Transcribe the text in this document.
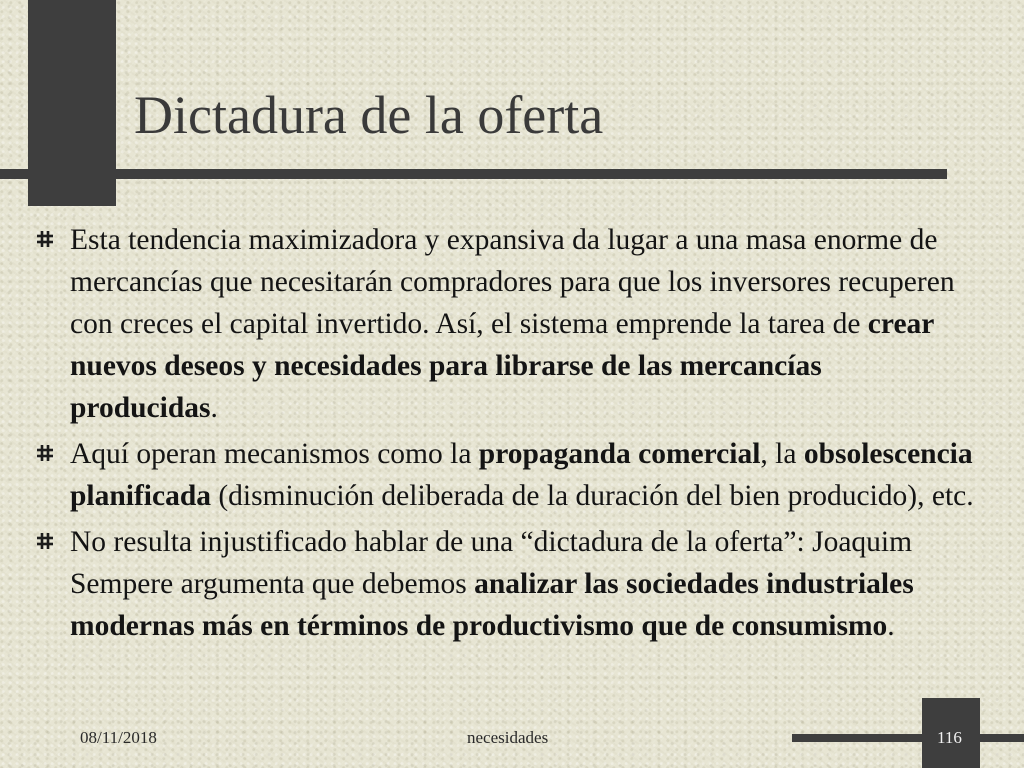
Dictadura de la oferta
Esta tendencia maximizadora y expansiva da lugar a una masa enorme de mercancías que necesitarán compradores para que los inversores recuperen con creces el capital invertido. Así, el sistema emprende la tarea de crear nuevos deseos y necesidades para librarse de las mercancías producidas.
Aquí operan mecanismos como la propaganda comercial, la obsolescencia planificada (disminución deliberada de la duración del bien producido), etc.
No resulta injustificado hablar de una “dictadura de la oferta”: Joaquim Sempere argumenta que debemos analizar las sociedades industriales modernas más en términos de productivismo que de consumismo.
08/11/2018	necesidades	116
